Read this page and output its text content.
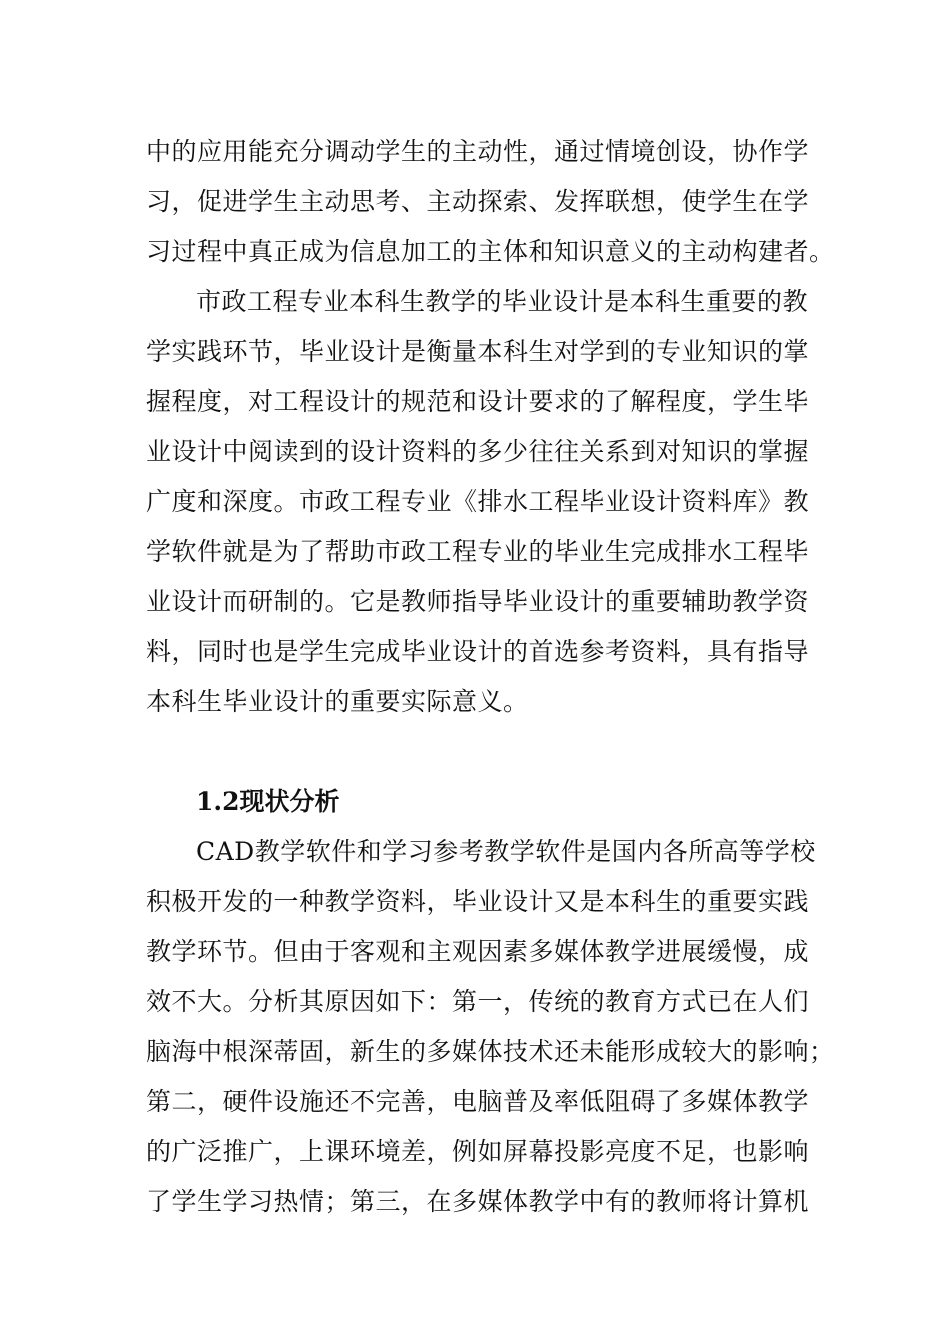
中的应用能充分调动学生的主动性，通过情境创设，协作学
习，促进学生主动思考、主动探索、发挥联想，使学生在学
习过程中真正成为信息加工的主体和知识意义的主动构建者。
市政工程专业本科生教学的毕业设计是本科生重要的教
学实践环节，毕业设计是衡量本科生对学到的专业知识的掌
握程度，对工程设计的规范和设计要求的了解程度，学生毕
业设计中阅读到的设计资料的多少往往关系到对知识的掌握
广度和深度。市政工程专业《排水工程毕业设计资料库》教
学软件就是为了帮助市政工程专业的毕业生完成排水工程毕
业设计而研制的。它是教师指导毕业设计的重要辅助教学资
料，同时也是学生完成毕业设计的首选参考资料，具有指导
本科生毕业设计的重要实际意义。
1.2现状分析
CAD教学软件和学习参考教学软件是国内各所高等学校
积极开发的一种教学资料，毕业设计又是本科生的重要实践
教学环节。但由于客观和主观因素多媒体教学进展缓慢，成
效不大。分析其原因如下：第一，传统的教育方式已在人们
脑海中根深蒂固，新生的多媒体技术还未能形成较大的影响；
第二，硬件设施还不完善，电脑普及率低阻碍了多媒体教学
的广泛推广，上课环境差，例如屏幕投影亮度不足，也影响
了学生学习热情；第三，在多媒体教学中有的教师将计算机
